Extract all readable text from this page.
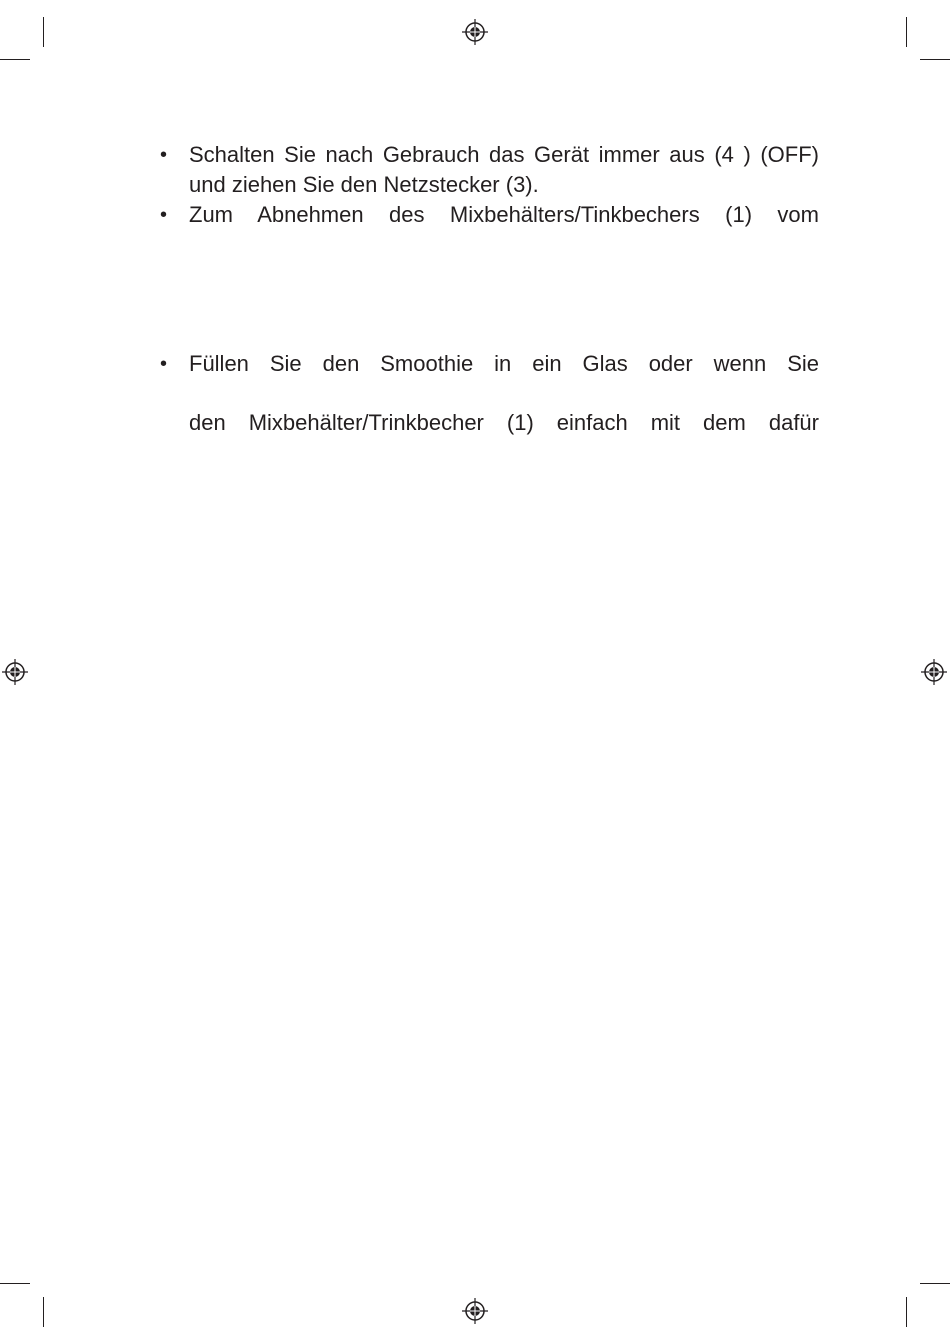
• Schalten Sie nach Gebrauch das Gerät immer aus (4 ) (OFF)
und ziehen Sie den Netzstecker (3).
• Zum Abnehmen des Mixbehälters/Tinkbechers (1) vom
• Füllen Sie den Smoothie in ein Glas oder wenn Sie
den Mixbehälter/Trinkbecher (1) einfach mit dem dafür
